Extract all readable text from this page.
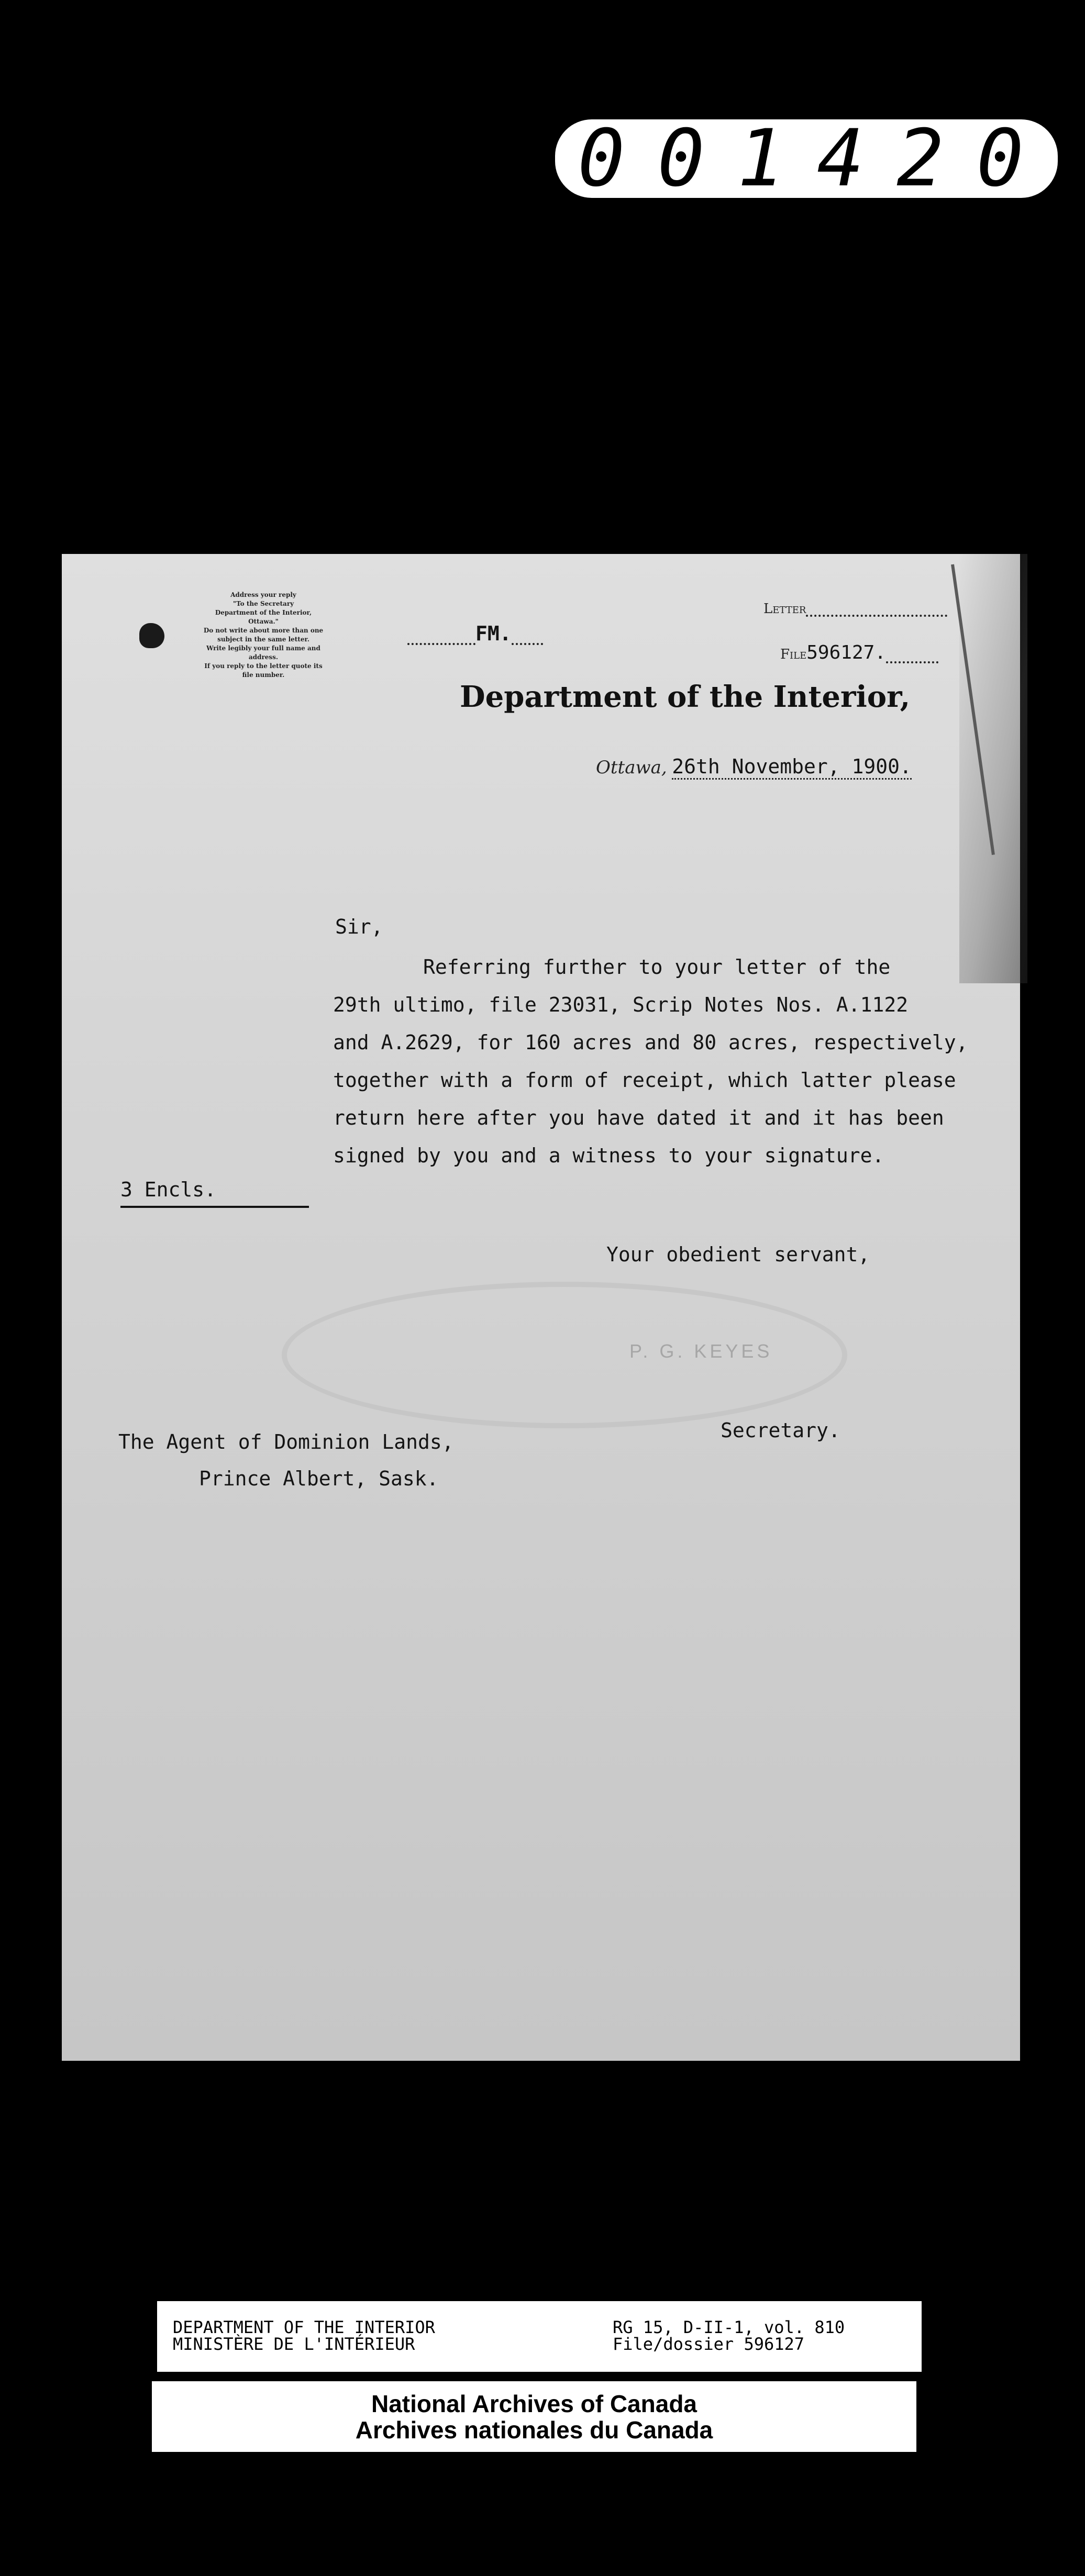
001420
Address your reply
"To the Secretary
Department of the Interior,
Ottawa."
Do not write about more than one
subject in the same letter.
Write legibly your full name and
address.
If you reply to the letter quote its
file number.
FM.
Letter
File596127.
Department of the Interior,
Ottawa, 26th November, 1900.
Sir,
Referring further to your letter of the
29th ultimo, file 23031, Scrip Notes Nos. A.1122
and A.2629, for 160 acres and 80 acres, respectively,
together with a form of receipt, which latter please
return here after you have dated it and it has been
signed by you and a witness to your signature.
3 Encls.
Your obedient servant,
P. G. KEYES
Secretary.
The Agent of Dominion Lands,
Prince Albert, Sask.
DEPARTMENT OF THE INTERIOR
MINISTÈRE DE L'INTÉRIEUR
RG 15, D-II-1, vol. 810
File/dossier 596127
National Archives of Canada
Archives nationales du Canada
